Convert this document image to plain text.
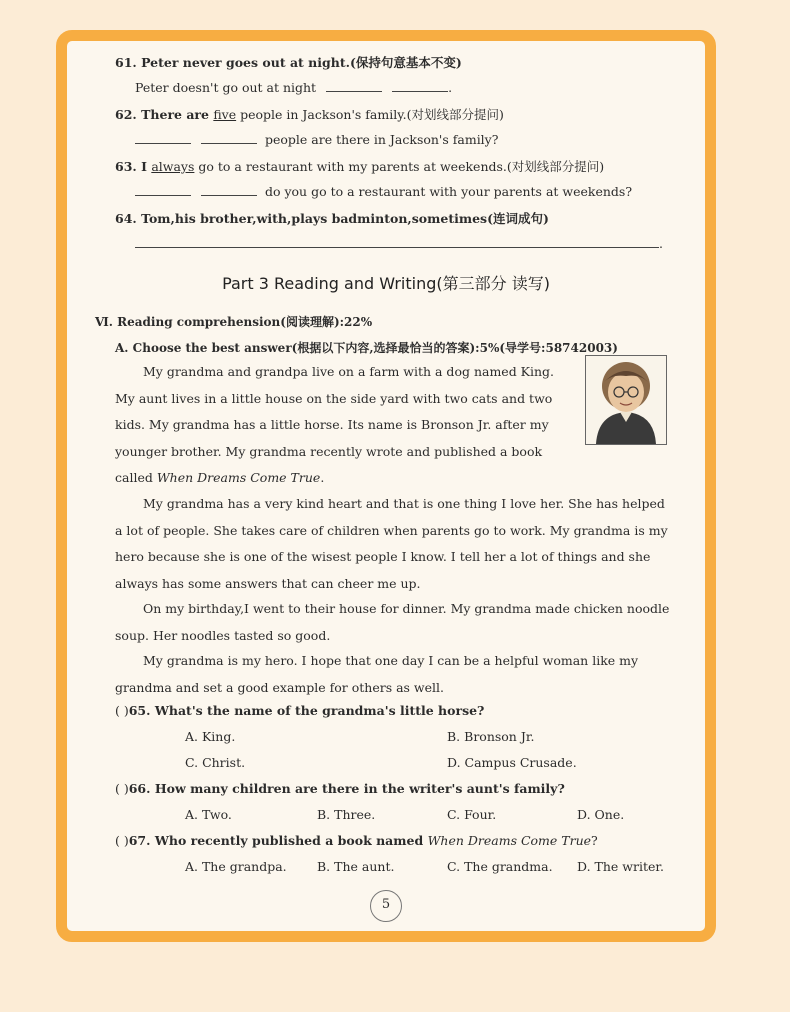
61. Peter never goes out at night.(保持句意基本不变)
Peter doesn't go out at night	.
62. There are five people in Jackson's family.(对划线部分提问)
people are there in Jackson's family?
63. I always go to a restaurant with my parents at weekends.(对划线部分提问)
do you go to a restaurant with your parents at weekends?
64. Tom,his brother,with,plays badminton,sometimes(连词成句)
.
Part 3 Reading and Writing(第三部分 读写)
Ⅵ. Reading comprehension(阅读理解):22%
A. Choose the best answer(根据以下内容,选择最恰当的答案):5%(导学号:58742003)
My grandma and grandpa live on a farm with a dog named King. My aunt lives in a little house on the side yard with two cats and two kids. My grandma has a little horse. Its name is Bronson Jr. after my younger brother. My grandma recently wrote and published a book called When Dreams Come True.
My grandma has a very kind heart and that is one thing I love her. She has helped a lot of people. She takes care of children when parents go to work. My grandma is my hero because she is one of the wisest people I know. I tell her a lot of things and she always has some answers that can cheer me up.
On my birthday,I went to their house for dinner. My grandma made chicken noodle soup. Her noodles tasted so good.
My grandma is my hero. I hope that one day I can be a helpful woman like my grandma and set a good example for others as well.
( )65. What's the name of the grandma's little horse?
A. King.	B. Bronson Jr.
C. Christ.	D. Campus Crusade.
( )66. How many children are there in the writer's aunt's family?
A. Two.	B. Three.	C. Four.	D. One.
( )67. Who recently published a book named When Dreams Come True?
A. The grandpa. B. The aunt.	C. The grandma. D. The writer.
5
